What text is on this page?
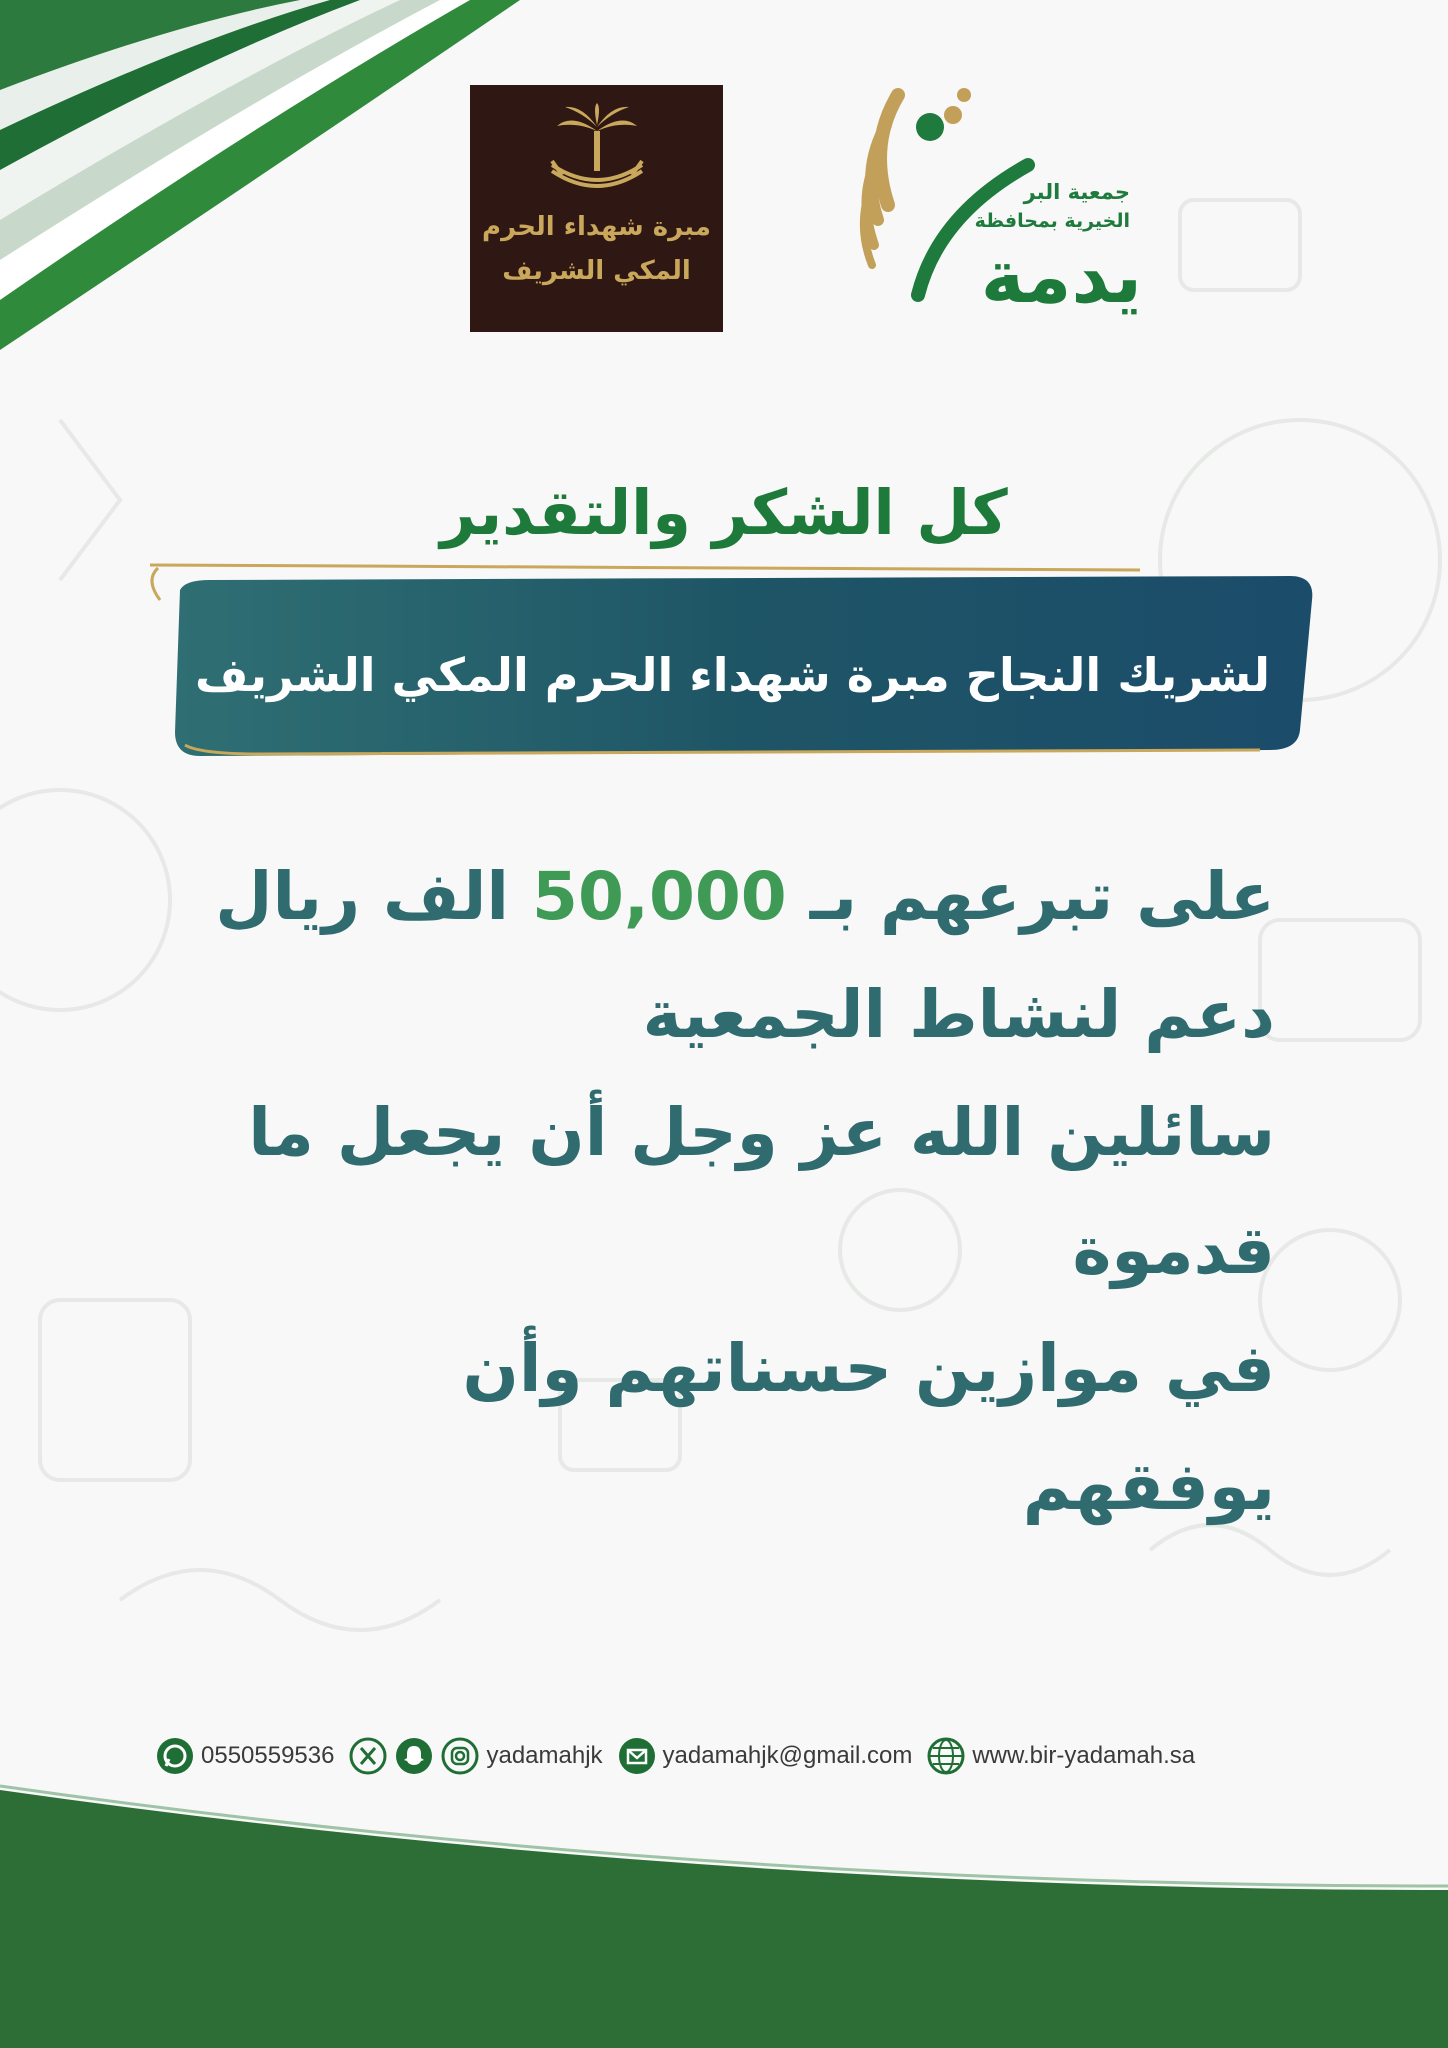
مبرة شهداء الحرم
المكي الشريف
جمعية البر
الخيرية بمحافظة
يدمة
كل الشكر والتقدير
لشريك النجاح مبرة شهداء الحرم المكي الشريف
على تبرعهم بـ 50,000 الف ريال
دعم لنشاط الجمعية
سائلين الله عز وجل أن يجعل ما قدموة
في موازين حسناتهم وأن يوفقهم
0550559536	yadamahjk	yadamahjk@gmail.com	www.bir-yadamah.sa
